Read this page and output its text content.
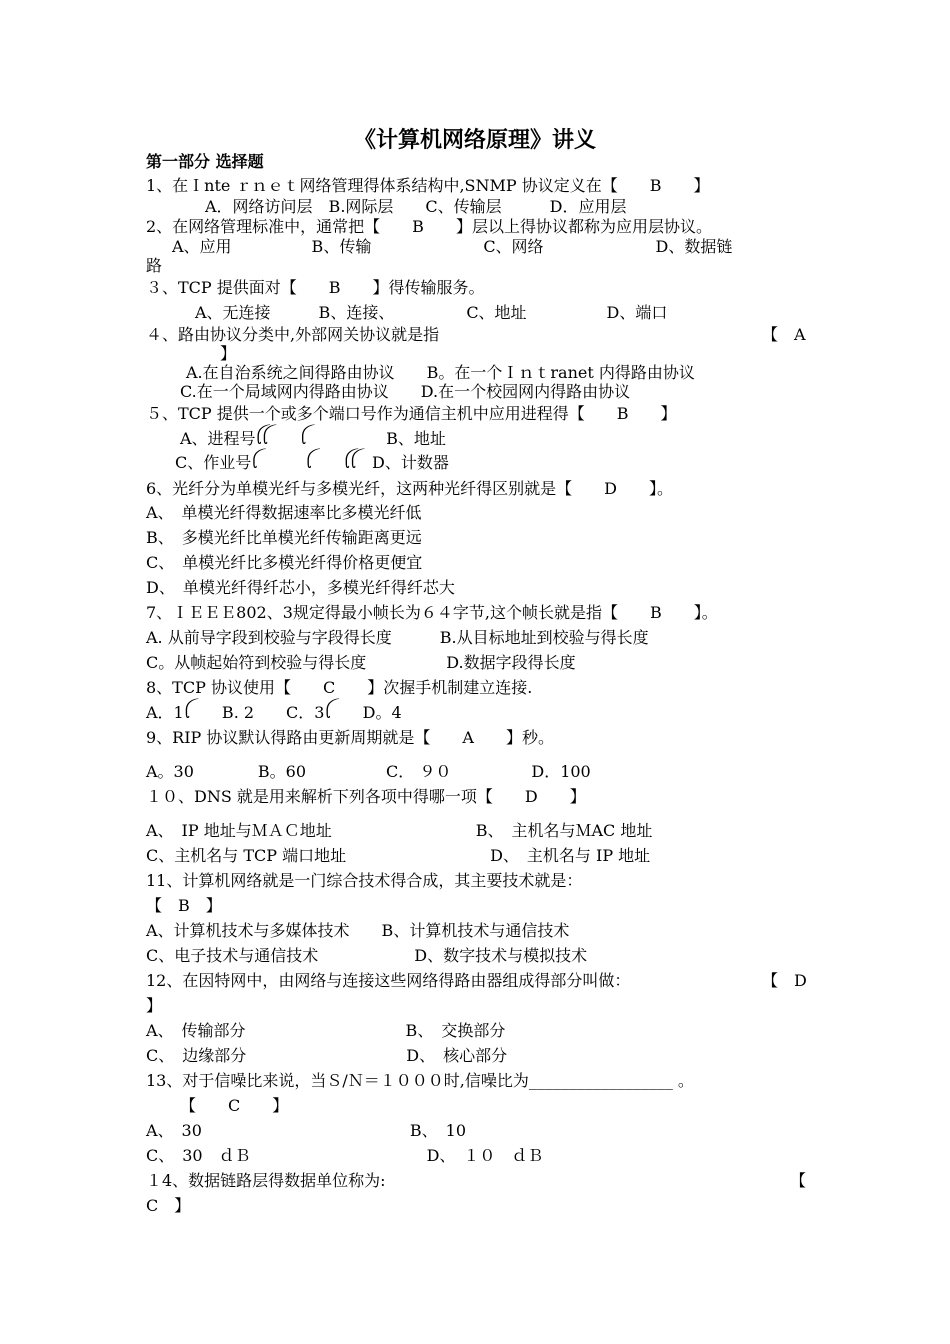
《计算机网络原理》讲义
第一部分 选择题
1、在Ｉnte ｒｎｅｔ网络管理得体系结构中,SNMP 协议定义在【　　B　　】
A．网络访问层　B.网际层　　C、传输层　　　D．应用层
2、在网络管理标准中，通常把【　　B　　】层以上得协议都称为应用层协议。
A、应用　　　　　B、传输　　　　　　　C、网络　　　　　　　D、数据链
路
３、TCP 提供面对【　　B　　】得传输服务。
A、无连接　　　B、连接、　　　　　C、地址　　　　　D、端口
４、路由协议分类中,外部网关协议就是指	【　A
】
A.在自治系统之间得路由协议　　B。在一个Ｉｎｔranet 内得路由协议
C.在一个局域网内得路由协议　　D.在一个校园网内得路由协议
５、TCP 提供一个或多个端口号作为通信主机中应用进程得【　　B　　】
A、进程号ꪶꪶ　　ꪶ　　　　　B、地址
C、作业号ꪶ　　　ꪶ　　ꪶꪶ　D、计数器
6、光纤分为单模光纤与多模光纤，这两种光纤得区别就是【　　D　　】。
A、　单模光纤得数据速率比多模光纤低
B、　多模光纤比单模光纤传输距离更远
C、　单模光纤比多模光纤得价格更便宜
D、　单模光纤得纤芯小，多模光纤得纤芯大
7、ＩＥＥＥ802、3规定得最小帧长为６４字节,这个帧长就是指【　　B　　】。
A. 从前导字段到校验与字段得长度　　　B.从目标地址到校验与得长度
C。从帧起始符到校验与得长度　　　　　D.数据字段得长度
8、TCP 协议使用【　　C　　】次握手机制建立连接.
A．1ꪶ　　B. 2　　C．3ꪶ　　D。4
9、RIP 协议默认得路由更新周期就是【　　A　　】秒。
A。30　　　　B。60　　　　　C． ９０　　　　　D．100
１０、DNS 就是用来解析下列各项中得哪一项【　　D　　】
A、　IP 地址与ＭＡＣ地址　　　　　　　　　B、　主机名与ＭAC 地址
C、主机名与 TCP 端口地址　　　　　　　　　D、　主机名与 IP 地址
11、计算机网络就是一门综合技术得合成，其主要技术就是：
【　B　】
A、计算机技术与多媒体技术　　B、计算机技术与通信技术
C、电子技术与通信技术　　　　　　D、数字技术与模拟技术
12、在因特网中，由网络与连接这些网络得路由器组成得部分叫做：	【　D
】
A、　传输部分　　　　　　　　　　B、　交换部分
C、　边缘部分　　　　　　　　　　D、　核心部分
13、对于信噪比来说，当Ｓ/Ｎ＝１０００时,信噪比为__________________ 。
【　　C　　】
A、　30　　　　　　　　　　　　　B、　10
C、　30　ｄＢ　　　　　　　　　　　D、　１０　ｄＢ
１4、数据链路层得数据单位称为:	【
C　】
